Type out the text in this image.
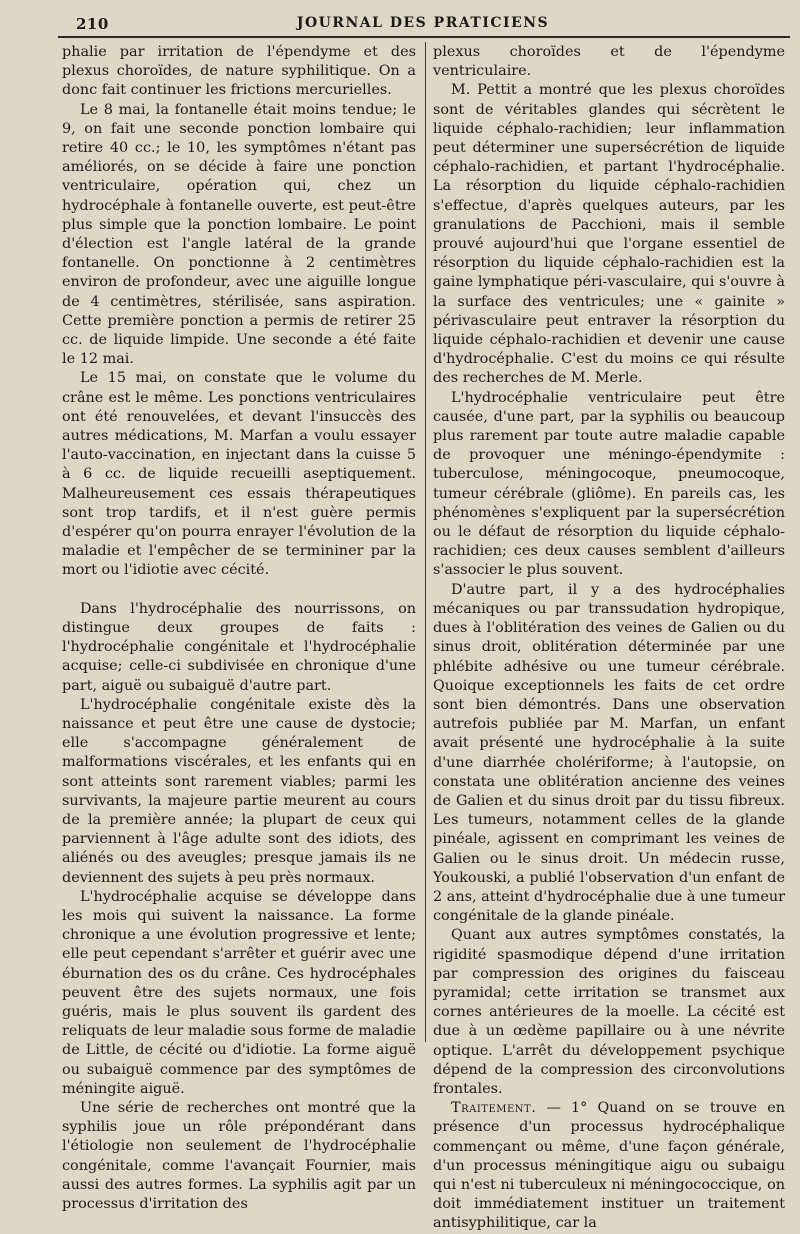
210	JOURNAL DES PRATICIENS

phalie par irritation de l'épendyme et des plexus choroïdes, de nature syphilitique. On a donc fait continuer les frictions mercurielles.

Le 8 mai, la fontanelle était moins tendue; le 9, on fait une seconde ponction lombaire qui retire 40 cc.; le 10, les symptômes n'étant pas améliorés, on se décide à faire une ponction ventriculaire, opération qui, chez un hydrocéphale à fontanelle ouverte, est peut-être plus simple que la ponction lombaire. Le point d'élection est l'angle latéral de la grande fontanelle. On ponctionne à 2 centimètres environ de profondeur, avec une aiguille longue de 4 centimètres, stérilisée, sans aspiration. Cette première ponction a permis de retirer 25 cc. de liquide limpide. Une seconde a été faite le 12 mai.

Le 15 mai, on constate que le volume du crâne est le même. Les ponctions ventriculaires ont été renouvelées, et devant l'insuccès des autres médications, M. Marfan a voulu essayer l'auto-vaccination, en injectant dans la cuisse 5 à 6 cc. de liquide recueilli aseptiquement. Malheureusement ces essais thérapeutiques sont trop tardifs, et il n'est guère permis d'espérer qu'on pourra enrayer l'évolution de la maladie et l'empêcher de se termininer par la mort ou l'idiotie avec cécité.

Dans l'hydrocéphalie des nourrissons, on distingue deux groupes de faits : l'hydrocéphalie congénitale et l'hydrocéphalie acquise; celle-ci subdivisée en chronique d'une part, aiguë ou subaiguë d'autre part.

L'hydrocéphalie congénitale existe dès la naissance et peut être une cause de dystocie; elle s'accompagne généralement de malformations viscérales, et les enfants qui en sont atteints sont rarement viables; parmi les survivants, la majeure partie meurent au cours de la première année; la plupart de ceux qui parviennent à l'âge adulte sont des idiots, des aliénés ou des aveugles; presque jamais ils ne deviennent des sujets à peu près normaux.

L'hydrocéphalie acquise se développe dans les mois qui suivent la naissance. La forme chronique a une évolution progressive et lente; elle peut cependant s'arrêter et guérir avec une éburnation des os du crâne. Ces hydrocéphales peuvent être des sujets normaux, une fois guéris, mais le plus souvent ils gardent des reliquats de leur maladie sous forme de maladie de Little, de cécité ou d'idiotie. La forme aiguë ou subaiguë commence par des symptômes de méningite aiguë.

Une série de recherches ont montré que la syphilis joue un rôle prépondérant dans l'étiologie non seulement de l'hydrocéphalie congénitale, comme l'avançait Fournier, mais aussi des autres formes. La syphilis agit par un processus d'irritation des

plexus choroïdes et de l'épendyme ventriculaire.

M. Pettit a montré que les plexus choroïdes sont de véritables glandes qui sécrètent le liquide céphalo-rachidien; leur inflammation peut déterminer une supersécrétion de liquide céphalo-rachidien, et partant l'hydrocéphalie. La résorption du liquide céphalo-rachidien s'effectue, d'après quelques auteurs, par les granulations de Pacchioni, mais il semble prouvé aujourd'hui que l'organe essentiel de résorption du liquide céphalo-rachidien est la gaine lymphatique péri-vasculaire, qui s'ouvre à la surface des ventricules; une « gainite » périvasculaire peut entraver la résorption du liquide céphalo-rachidien et devenir une cause d'hydrocéphalie. C'est du moins ce qui résulte des recherches de M. Merle.

L'hydrocéphalie ventriculaire peut être causée, d'une part, par la syphilis ou beaucoup plus rarement par toute autre maladie capable de provoquer une méningo-épendymite : tuberculose, méningocoque, pneumocoque, tumeur cérébrale (gliôme). En pareils cas, les phénomènes s'expliquent par la supersécrétion ou le défaut de résorption du liquide céphalo-rachidien; ces deux causes semblent d'ailleurs s'associer le plus souvent.

D'autre part, il y a des hydrocéphalies mécaniques ou par transsudation hydropique, dues à l'oblitération des veines de Galien ou du sinus droit, oblitération déterminée par une phlébite adhésive ou une tumeur cérébrale. Quoique exceptionnels les faits de cet ordre sont bien démontrés. Dans une observation autrefois publiée par M. Marfan, un enfant avait présenté une hydrocéphalie à la suite d'une diarrhée cholériforme; à l'autopsie, on constata une oblitération ancienne des veines de Galien et du sinus droit par du tissu fibreux. Les tumeurs, notamment celles de la glande pinéale, agissent en comprimant les veines de Galien ou le sinus droit. Un médecin russe, Youkouski, a publié l'observation d'un enfant de 2 ans, atteint d'hydrocéphalie due à une tumeur congénitale de la glande pinéale.

Quant aux autres symptômes constatés, la rigidité spasmodique dépend d'une irritation par compression des origines du faisceau pyramidal; cette irritation se transmet aux cornes antérieures de la moelle. La cécité est due à un œdème papillaire ou à une névrite optique. L'arrêt du développement psychique dépend de la compression des circonvolutions frontales.

Traitement. — 1° Quand on se trouve en présence d'un processus hydrocéphalique commençant ou même, d'une façon générale, d'un processus méningitique aigu ou subaigu qui n'est ni tuberculeux ni méningococcique, on doit immédiatement instituer un traitement antisyphilitique, car la
